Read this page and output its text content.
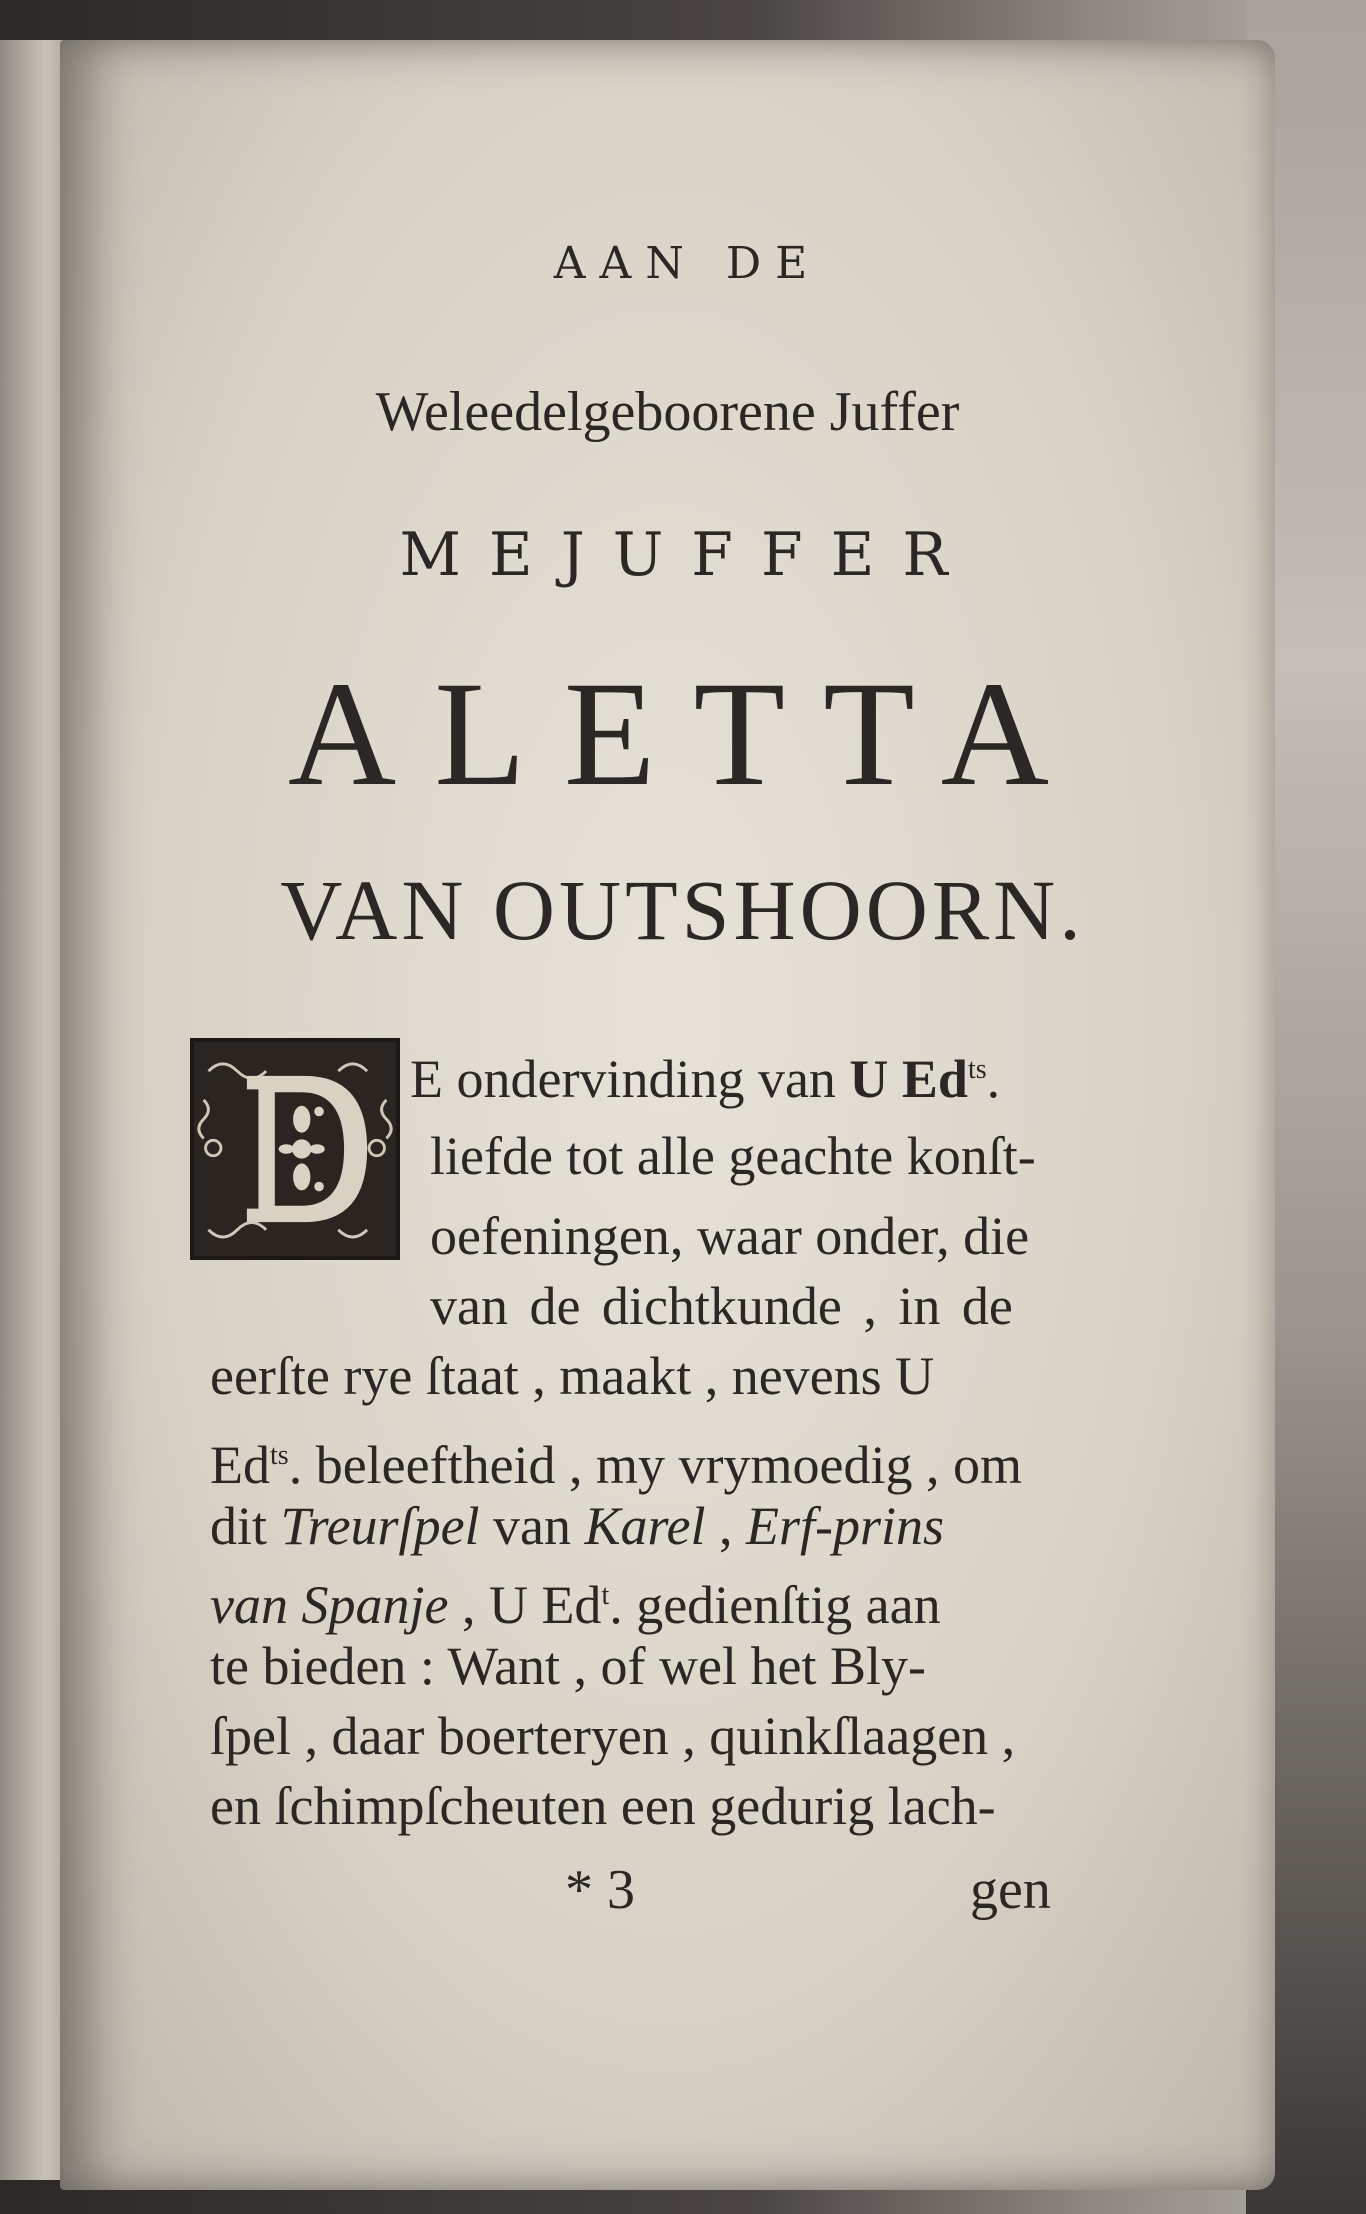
AAN DE
Weleedelgeboorene Juffer
MEJUFFER
ALETTA
VAN OUTSHOORN.
E ondervinding van U $Ed^{ts}$.
liefde tot alle geachte konſt-
oefeningen, waar onder, die
van de dichtkunde , in de
eerſte rye ſtaat , maakt , nevens U
$Ed^{ts}$. beleeftheid , my vrymoedig , om
dit Treurſpel van Karel , Erf-prins
van Spanje , U Ed$^t$. gedienſtig aan
te bieden : Want , of wel het Bly-
ſpel , daar boerteryen , quinkſlaagen ,
en ſchimpſcheuten een gedurig lach-
* 3	gen
